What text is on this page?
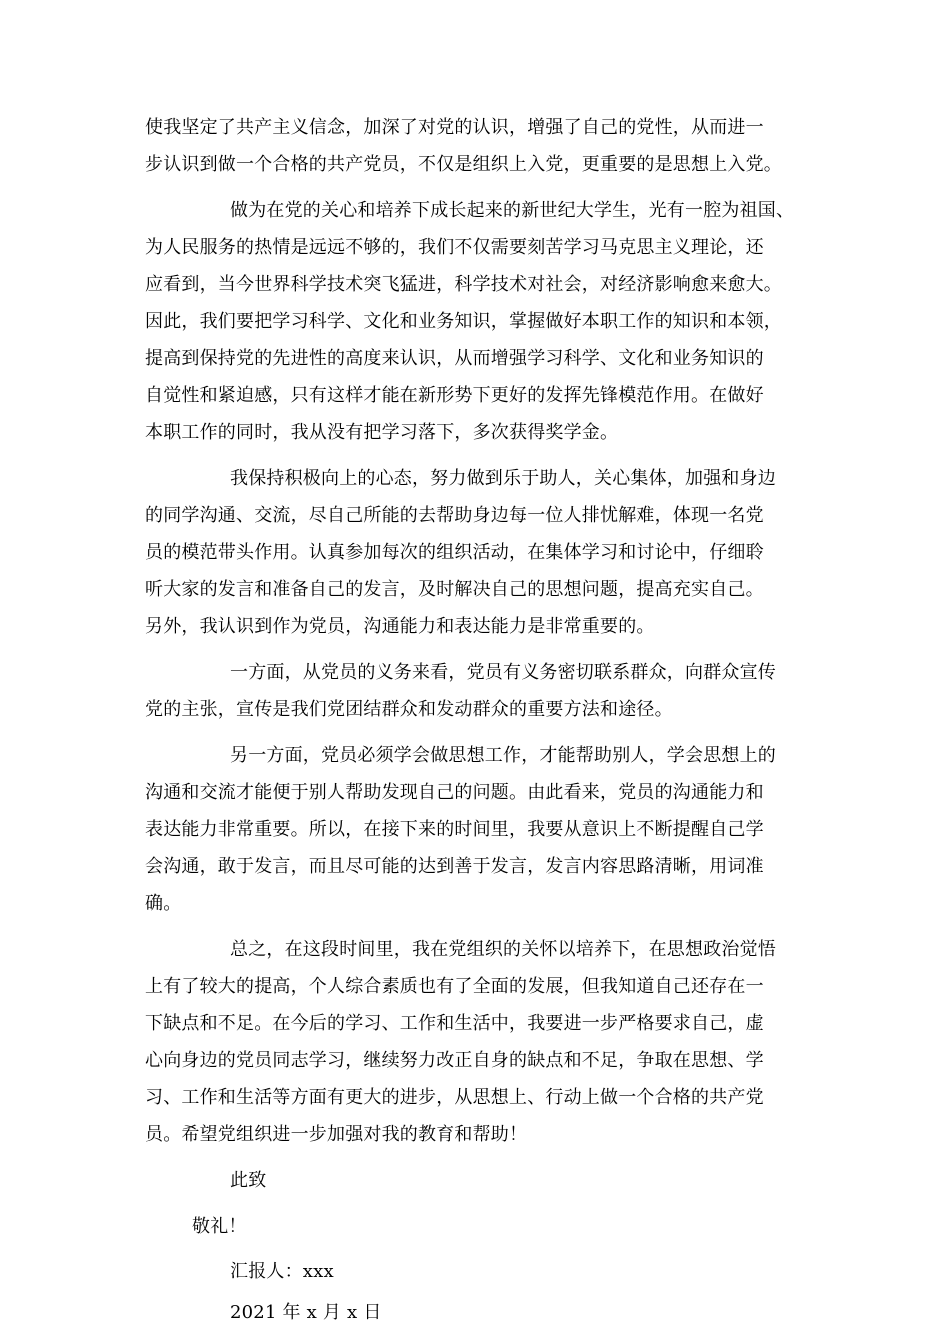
使我坚定了共产主义信念，加深了对党的认识，增强了自己的党性，从而进一
步认识到做一个合格的共产党员，不仅是组织上入党，更重要的是思想上入党。
做为在党的关心和培养下成长起来的新世纪大学生，光有一腔为祖国、
为人民服务的热情是远远不够的，我们不仅需要刻苦学习马克思主义理论，还
应看到，当今世界科学技术突飞猛进，科学技术对社会，对经济影响愈来愈大。
因此，我们要把学习科学、文化和业务知识，掌握做好本职工作的知识和本领，
提高到保持党的先进性的高度来认识，从而增强学习科学、文化和业务知识的
自觉性和紧迫感，只有这样才能在新形势下更好的发挥先锋模范作用。在做好
本职工作的同时，我从没有把学习落下，多次获得奖学金。
我保持积极向上的心态，努力做到乐于助人，关心集体，加强和身边
的同学沟通、交流，尽自己所能的去帮助身边每一位人排忧解难，体现一名党
员的模范带头作用。认真参加每次的组织活动，在集体学习和讨论中，仔细聆
听大家的发言和准备自己的发言，及时解决自己的思想问题，提高充实自己。
另外，我认识到作为党员，沟通能力和表达能力是非常重要的。
一方面，从党员的义务来看，党员有义务密切联系群众，向群众宣传
党的主张，宣传是我们党团结群众和发动群众的重要方法和途径。
另一方面，党员必须学会做思想工作，才能帮助别人，学会思想上的
沟通和交流才能便于别人帮助发现自己的问题。由此看来，党员的沟通能力和
表达能力非常重要。所以，在接下来的时间里，我要从意识上不断提醒自己学
会沟通，敢于发言，而且尽可能的达到善于发言，发言内容思路清晰，用词准
确。
总之，在这段时间里，我在党组织的关怀以培养下，在思想政治觉悟
上有了较大的提高，个人综合素质也有了全面的发展，但我知道自己还存在一
下缺点和不足。在今后的学习、工作和生活中，我要进一步严格要求自己，虚
心向身边的党员同志学习，继续努力改正自身的缺点和不足，争取在思想、学
习、工作和生活等方面有更大的进步，从思想上、行动上做一个合格的共产党
员。希望党组织进一步加强对我的教育和帮助！
此致
敬礼！
汇报人：xxx
2021 年 x 月 x 日
